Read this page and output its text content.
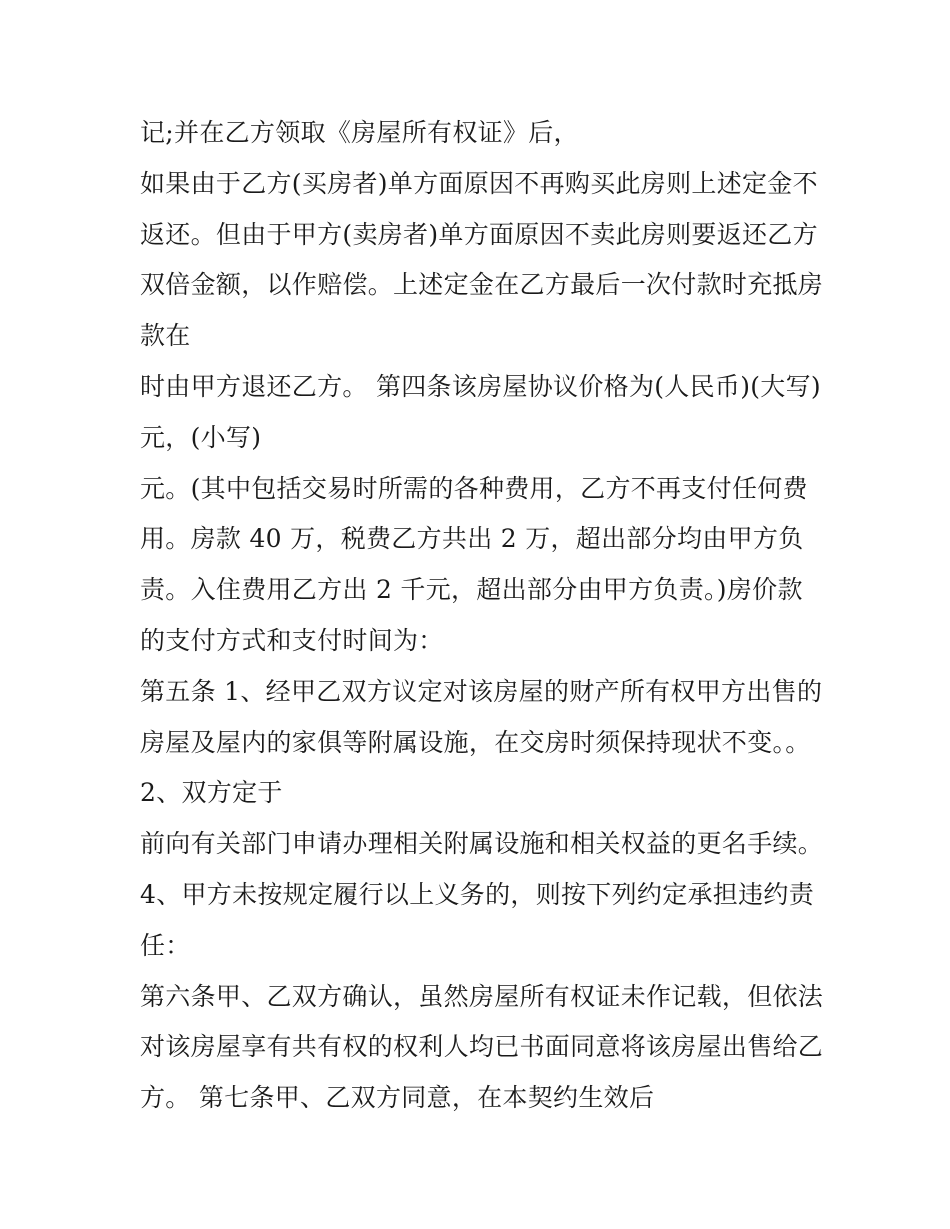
记;并在乙方领取《房屋所有权证》后，
如果由于乙方(买房者)单方面原因不再购买此房则上述定金不
返还。但由于甲方(卖房者)单方面原因不卖此房则要返还乙方
双倍金额，以作赔偿。上述定金在乙方最后一次付款时充抵房
款在
时由甲方退还乙方。 第四条该房屋协议价格为(人民币)(大写)
元，(小写)
元。(其中包括交易时所需的各种费用，乙方不再支付任何费
用。房款 40 万，税费乙方共出 2 万，超出部分均由甲方负
责。入住费用乙方出 2 千元，超出部分由甲方负责。)房价款
的支付方式和支付时间为：
第五条 1、经甲乙双方议定对该房屋的财产所有权甲方出售的
房屋及屋内的家俱等附属设施，在交房时须保持现状不变。。
2、双方定于
前向有关部门申请办理相关附属设施和相关权益的更名手续。
4、甲方未按规定履行以上义务的，则按下列约定承担违约责
任：
第六条甲、乙双方确认，虽然房屋所有权证未作记载，但依法
对该房屋享有共有权的权利人均已书面同意将该房屋出售给乙
方。 第七条甲、乙双方同意，在本契约生效后
